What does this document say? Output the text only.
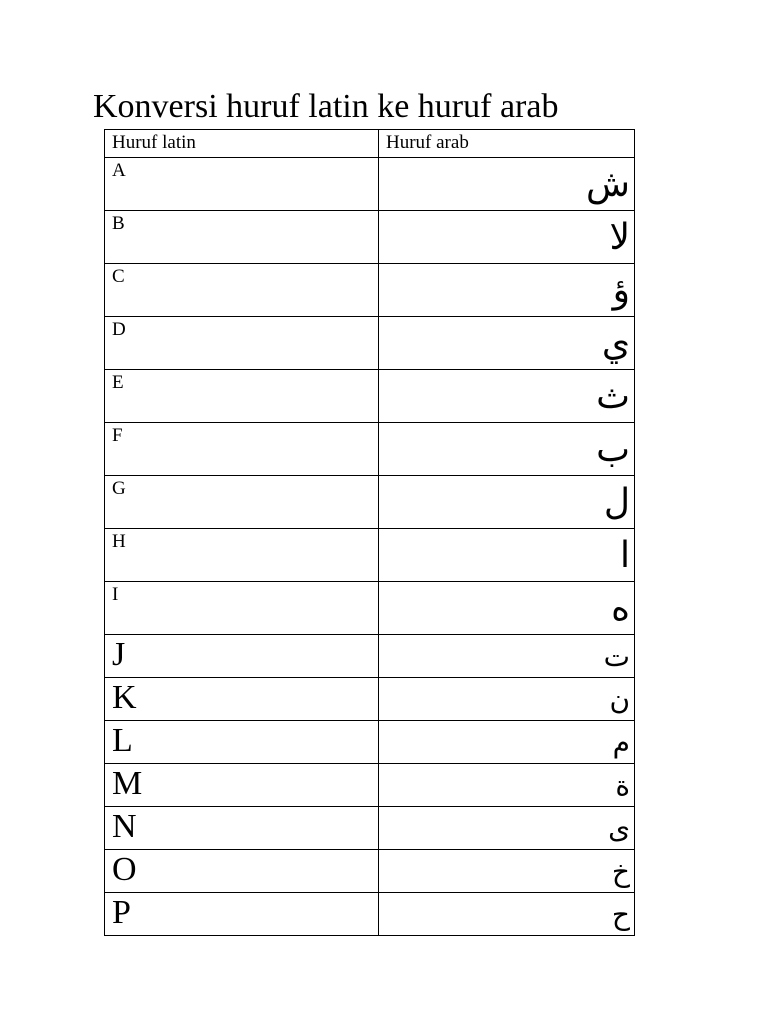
Konversi huruf latin ke huruf arab
Huruf latin	Huruf arab

A	ش

B	لا

C	ؤ

D	ي

E	ث

F	ب

G	ل

H	ا

I	ه

J	ت

K	ن

L	م

M	ة

N	ى

O	خ

P	ح
